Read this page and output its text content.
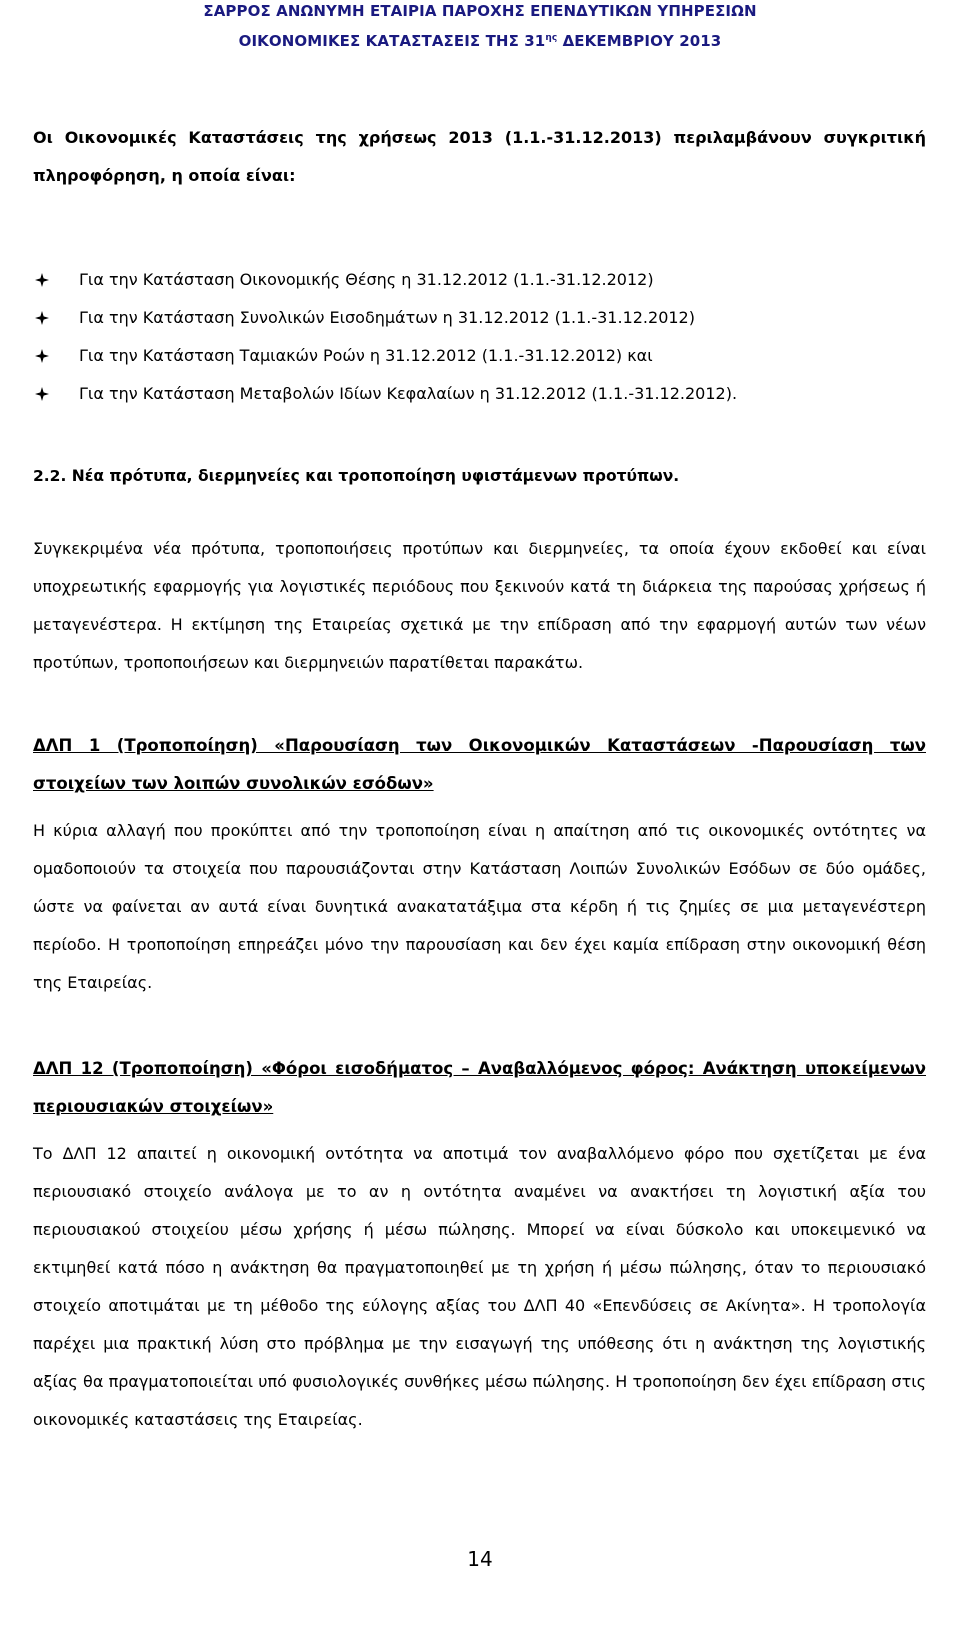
ΣΑΡΡΟΣ ΑΝΩΝΥΜΗ ΕΤΑΙΡΙΑ ΠΑΡΟΧΗΣ ΕΠΕΝΔΥΤΙΚΩΝ ΥΠΗΡΕΣΙΩΝ
ΟΙΚΟΝΟΜΙΚΕΣ ΚΑΤΑΣΤΑΣΕΙΣ ΤΗΣ $31^{\eta\varsigma}$ ΔΕΚΕΜΒΡΙΟΥ 2013

Οι Οικονομικές Καταστάσεις της χρήσεως 2013 (1.1.-31.12.2013) περιλαμβάνουν συγκριτική πληροφόρηση, η οποία είναι:

Για την Κατάσταση Οικονομικής Θέσης η 31.12.2012 (1.1.-31.12.2012)
Για την Κατάσταση Συνολικών Εισοδημάτων η 31.12.2012 (1.1.-31.12.2012)
Για την Κατάσταση Ταμιακών Ροών η 31.12.2012 (1.1.-31.12.2012) και
Για την Κατάσταση Μεταβολών Ιδίων Κεφαλαίων η 31.12.2012 (1.1.-31.12.2012).
2.2. Νέα πρότυπα, διερμηνείες και τροποποίηση υφιστάμενων προτύπων.

Συγκεκριμένα νέα πρότυπα, τροποποιήσεις προτύπων και διερμηνείες, τα οποία έχουν εκδοθεί και είναι υποχρεωτικής εφαρμογής για λογιστικές περιόδους που ξεκινούν κατά τη διάρκεια της παρούσας χρήσεως ή μεταγενέστερα. Η εκτίμηση της Εταιρείας σχετικά με την επίδραση από την εφαρμογή αυτών των νέων προτύπων, τροποποιήσεων και διερμηνειών παρατίθεται παρακάτω.

ΔΛΠ 1 (Τροποποίηση) «Παρουσίαση των Οικονομικών Καταστάσεων -Παρουσίαση των στοιχείων των λοιπών συνολικών εσόδων»

Η κύρια αλλαγή που προκύπτει από την τροποποίηση είναι η απαίτηση από τις οικονομικές οντότητες να ομαδοποιούν τα στοιχεία που παρουσιάζονται στην Κατάσταση Λοιπών Συνολικών Εσόδων σε δύο ομάδες, ώστε να φαίνεται αν αυτά είναι δυνητικά ανακατατάξιμα στα κέρδη ή τις ζημίες σε μια μεταγενέστερη περίοδο. Η τροποποίηση επηρεάζει μόνο την παρουσίαση και δεν έχει καμία επίδραση στην οικονομική θέση της Εταιρείας.

ΔΛΠ 12 (Τροποποίηση) «Φόροι εισοδήματος – Αναβαλλόμενος φόρος: Ανάκτηση υποκείμενων περιουσιακών στοιχείων»

Το ΔΛΠ 12 απαιτεί η οικονομική οντότητα να αποτιμά τον αναβαλλόμενο φόρο που σχετίζεται με ένα περιουσιακό στοιχείο ανάλογα με το αν η οντότητα αναμένει να ανακτήσει τη λογιστική αξία του περιουσιακού στοιχείου μέσω χρήσης ή μέσω πώλησης. Μπορεί να είναι δύσκολο και υποκειμενικό να εκτιμηθεί κατά πόσο η ανάκτηση θα πραγματοποιηθεί με τη χρήση ή μέσω πώλησης, όταν το περιουσιακό στοιχείο αποτιμάται με τη μέθοδο της εύλογης αξίας του ΔΛΠ 40 «Επενδύσεις σε Ακίνητα». Η τροπολογία παρέχει μια πρακτική λύση στο πρόβλημα με την εισαγωγή της υπόθεσης ότι η ανάκτηση της λογιστικής αξίας θα πραγματοποιείται υπό φυσιολογικές συνθήκες μέσω πώλησης. Η τροποποίηση δεν έχει επίδραση στις οικονομικές καταστάσεις της Εταιρείας.

14
